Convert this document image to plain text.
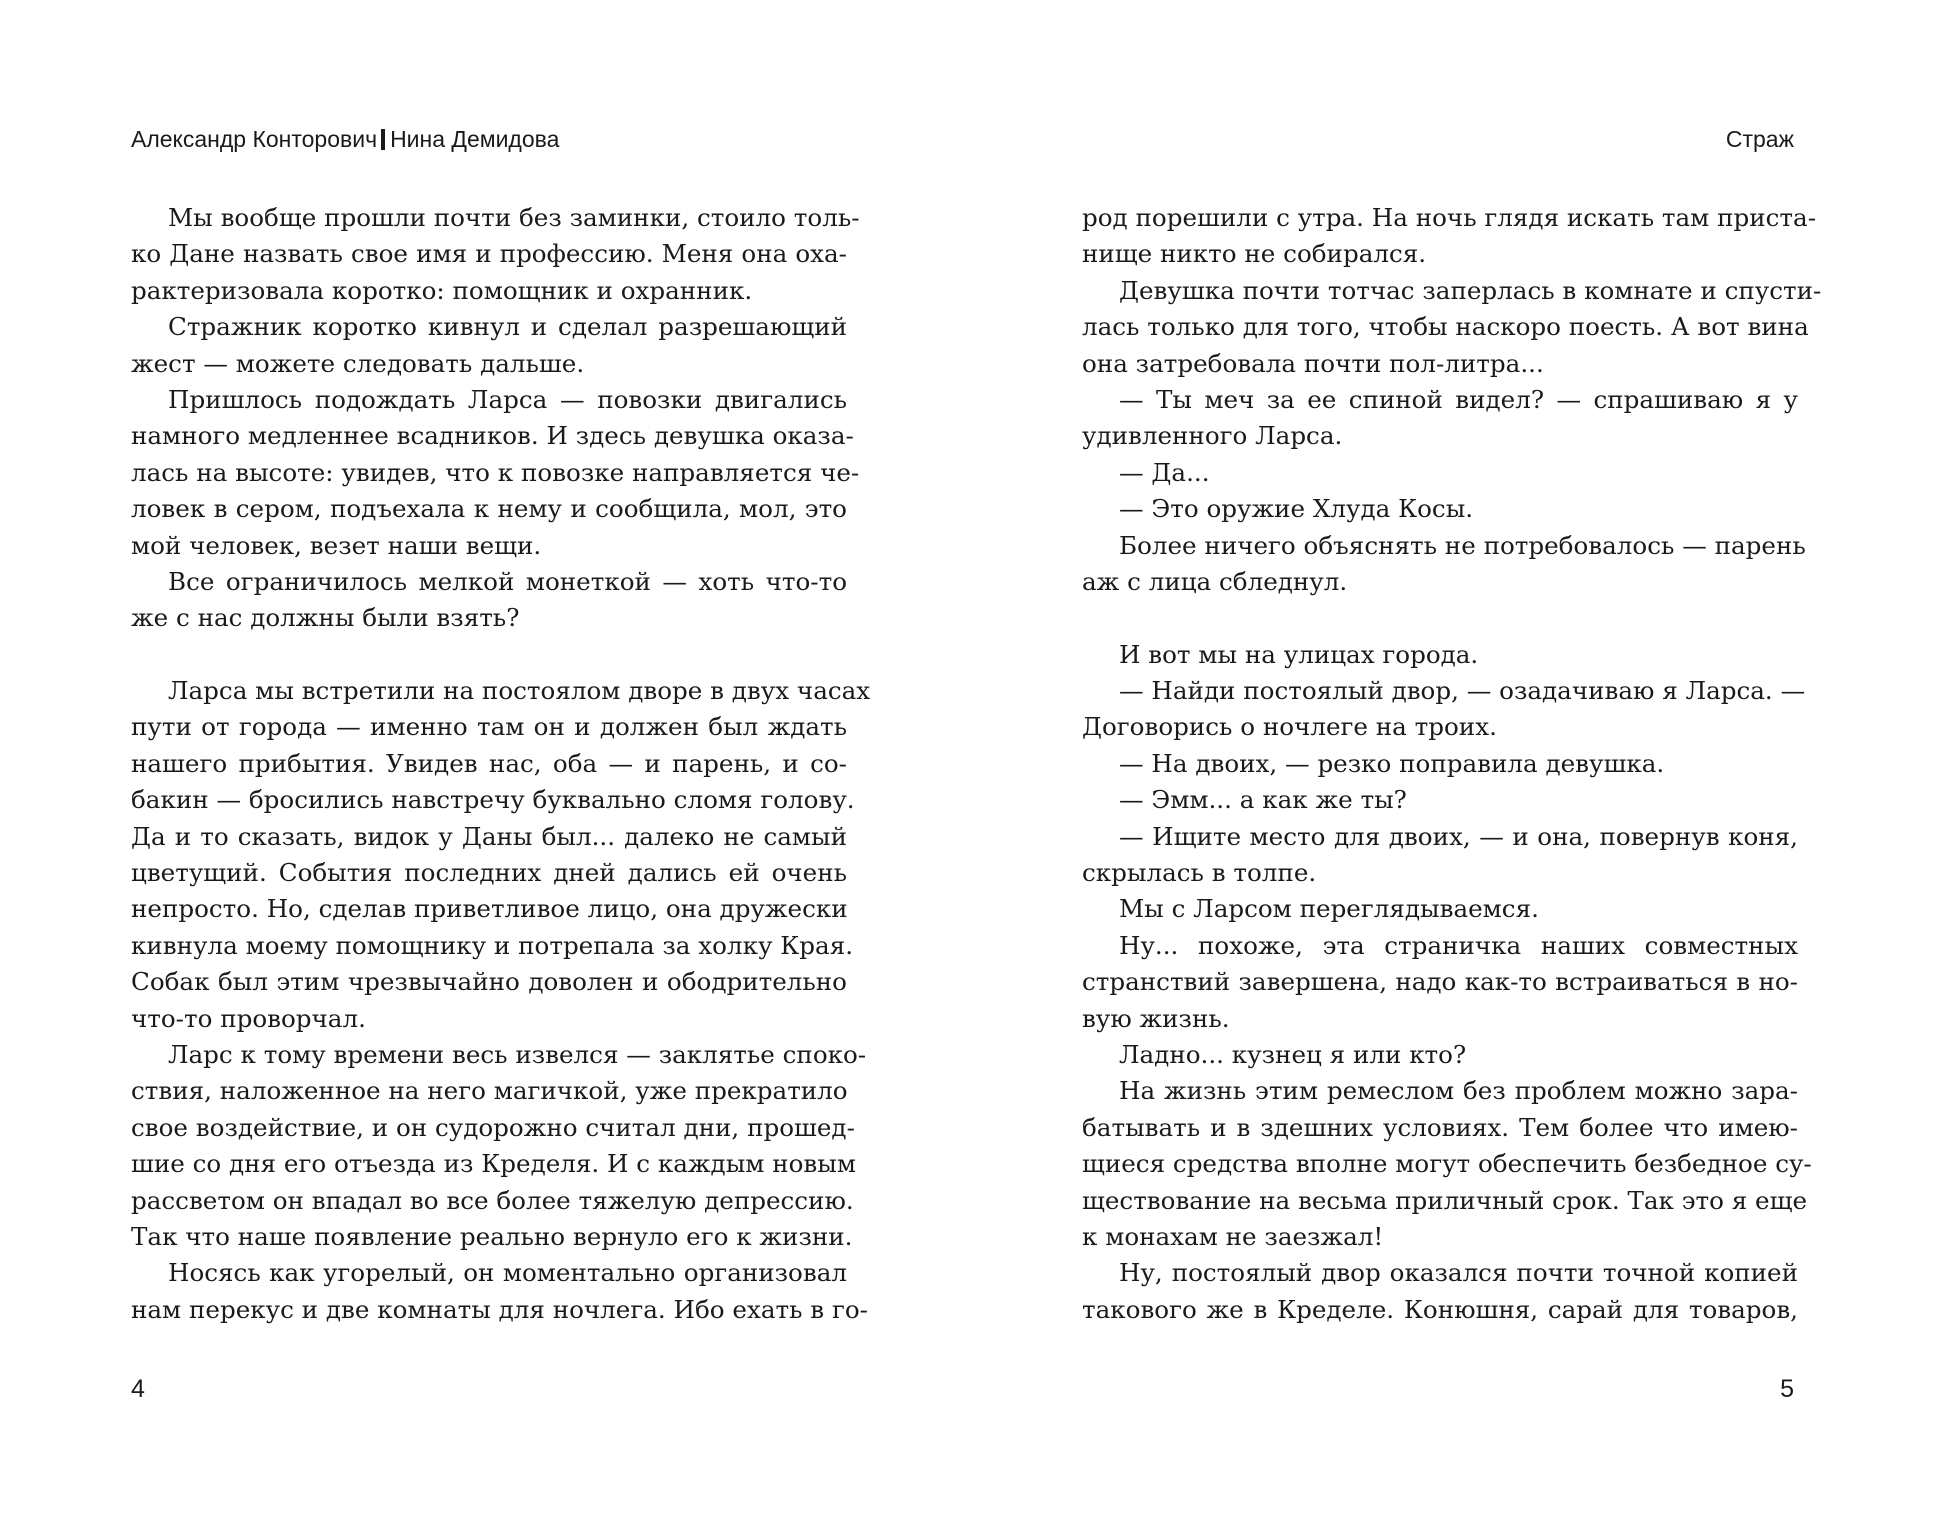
Александр Конторович Нина Демидова
Мы вообще прошли почти без заминки, стоило толь-
ко Дане назвать свое имя и профессию. Меня она оха-
рактеризовала коротко: помощник и охранник.
Стражник коротко кивнул и сделал разрешающий
жест — можете следовать дальше.
Пришлось подождать Ларса — повозки двигались
намного медленнее всадников. И здесь девушка оказа-
лась на высоте: увидев, что к повозке направляется че-
ловек в сером, подъехала к нему и сообщила, мол, это
мой человек, везет наши вещи.
Все ограничилось мелкой монеткой — хоть что-то
же с нас должны были взять?
Ларса мы встретили на постоялом дворе в двух часах
пути от города — именно там он и должен был ждать
нашего прибытия. Увидев нас, оба — и парень, и со-
бакин — бросились навстречу буквально сломя голову.
Да и то сказать, видок у Даны был... далеко не самый
цветущий. События последних дней дались ей очень
непросто. Но, сделав приветливое лицо, она дружески
кивнула моему помощнику и потрепала за холку Края.
Собак был этим чрезвычайно доволен и ободрительно
что-то проворчал.
Ларс к тому времени весь извелся — заклятье споко-
ствия, наложенное на него магичкой, уже прекратило
свое воздействие, и он судорожно считал дни, прошед-
шие со дня его отъезда из Кределя. И с каждым новым
рассветом он впадал во все более тяжелую депрессию.
Так что наше появление реально вернуло его к жизни.
Носясь как угорелый, он моментально организовал
нам перекус и две комнаты для ночлега. Ибо ехать в го-
4
Страж
род порешили с утра. На ночь глядя искать там приста-
нище никто не собирался.
Девушка почти тотчас заперлась в комнате и спусти-
лась только для того, чтобы наскоро поесть. А вот вина
она затребовала почти пол-литра...
— Ты меч за ее спиной видел? — спрашиваю я у
удивленного Ларса.
— Да...
— Это оружие Хлуда Косы.
Более ничего объяснять не потребовалось — парень
аж с лица сбледнул.
И вот мы на улицах города.
— Найди постоялый двор, — озадачиваю я Ларса. —
Договорись о ночлеге на троих.
— На двоих, — резко поправила девушка.
— Эмм... а как же ты?
— Ищите место для двоих, — и она, повернув коня,
скрылась в толпе.
Мы с Ларсом переглядываемся.
Ну... похоже, эта страничка наших совместных
странствий завершена, надо как-то встраиваться в но-
вую жизнь.
Ладно... кузнец я или кто?
На жизнь этим ремеслом без проблем можно зара-
батывать и в здешних условиях. Тем более что имею-
щиеся средства вполне могут обеспечить безбедное су-
ществование на весьма приличный срок. Так это я еще
к монахам не заезжал!
Ну, постоялый двор оказался почти точной копией
такового же в Кределе. Конюшня, сарай для товаров,
5
